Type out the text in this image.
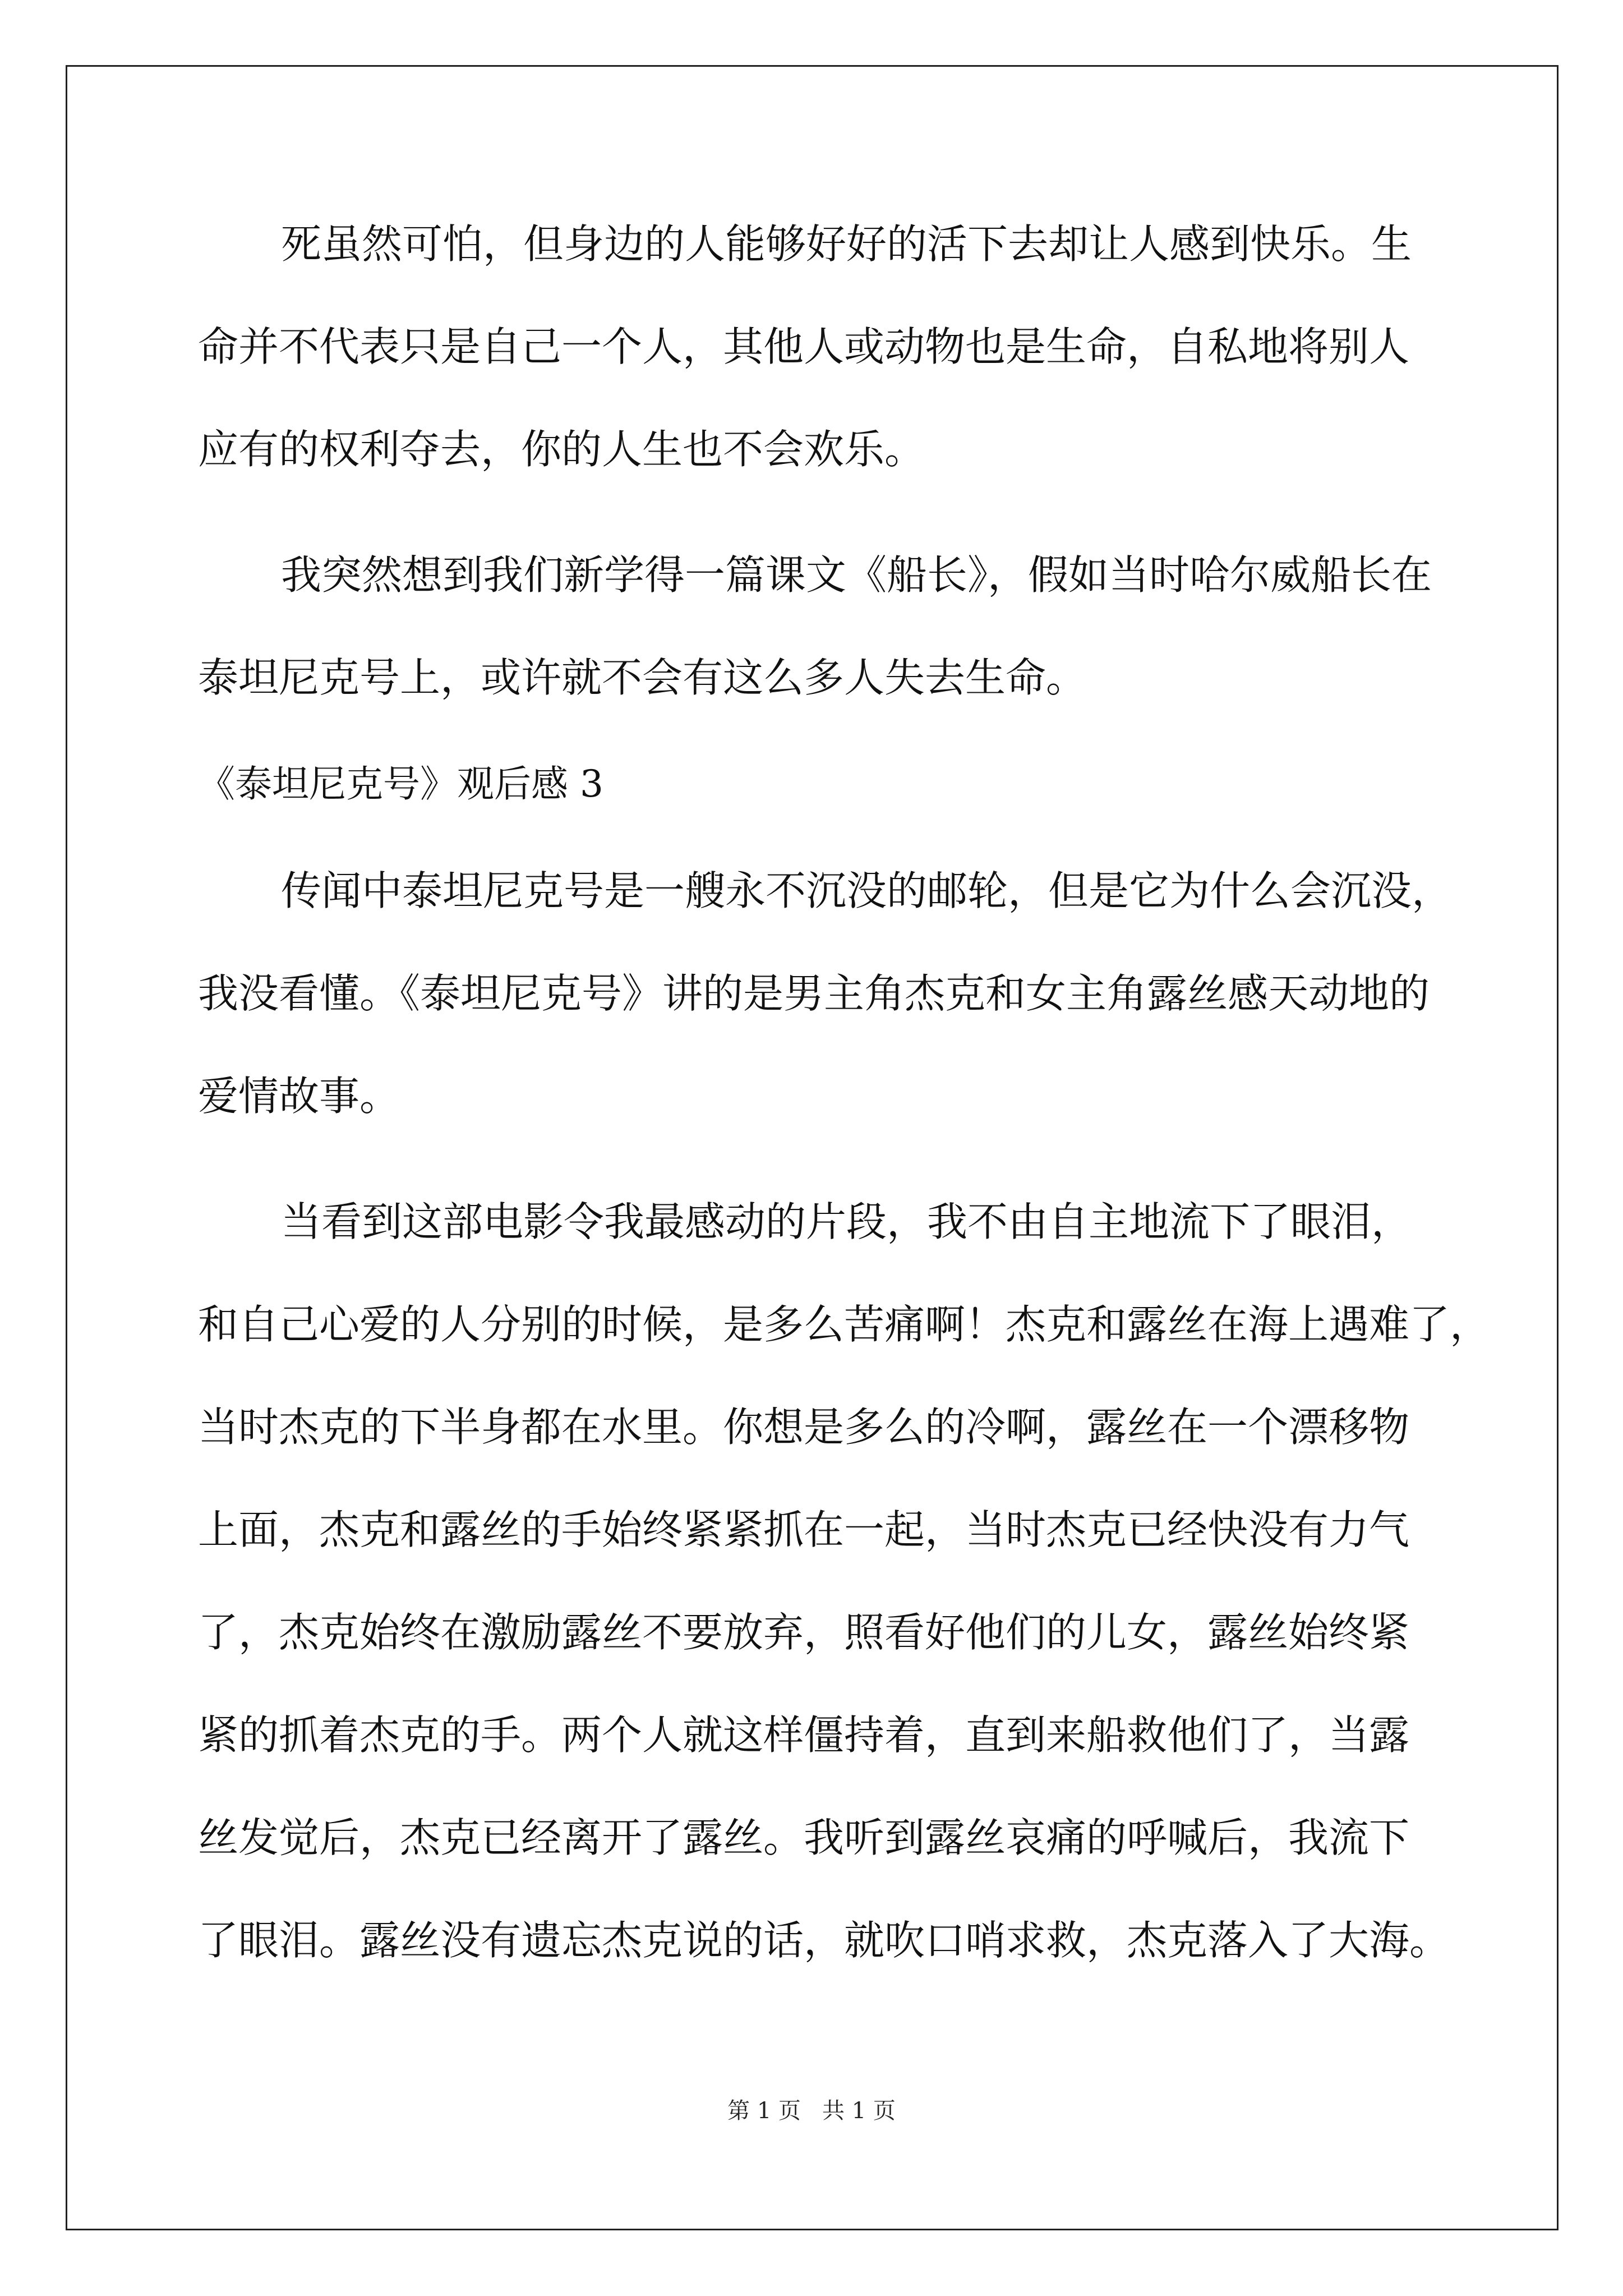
死虽然可怕，但身边的人能够好好的活下去却让人感到快乐。生
命并不代表只是自己一个人，其他人或动物也是生命，自私地将别人
应有的权利夺去，你的人生也不会欢乐。
我突然想到我们新学得一篇课文《船长》，假如当时哈尔威船长在
泰坦尼克号上，或许就不会有这么多人失去生命。
《泰坦尼克号》观后感 3
传闻中泰坦尼克号是一艘永不沉没的邮轮，但是它为什么会沉没，
我没看懂。《泰坦尼克号》讲的是男主角杰克和女主角露丝感天动地的
爱情故事。
当看到这部电影令我最感动的片段，我不由自主地流下了眼泪，
和自己心爱的人分别的时候，是多么苦痛啊！杰克和露丝在海上遇难了，
当时杰克的下半身都在水里。你想是多么的冷啊，露丝在一个漂移物
上面，杰克和露丝的手始终紧紧抓在一起，当时杰克已经快没有力气
了，杰克始终在激励露丝不要放弃，照看好他们的儿女，露丝始终紧
紧的抓着杰克的手。两个人就这样僵持着，直到来船救他们了，当露
丝发觉后，杰克已经离开了露丝。我听到露丝哀痛的呼喊后，我流下
了眼泪。露丝没有遗忘杰克说的话，就吹口哨求救，杰克落入了大海。
第 1 页 共 1 页
